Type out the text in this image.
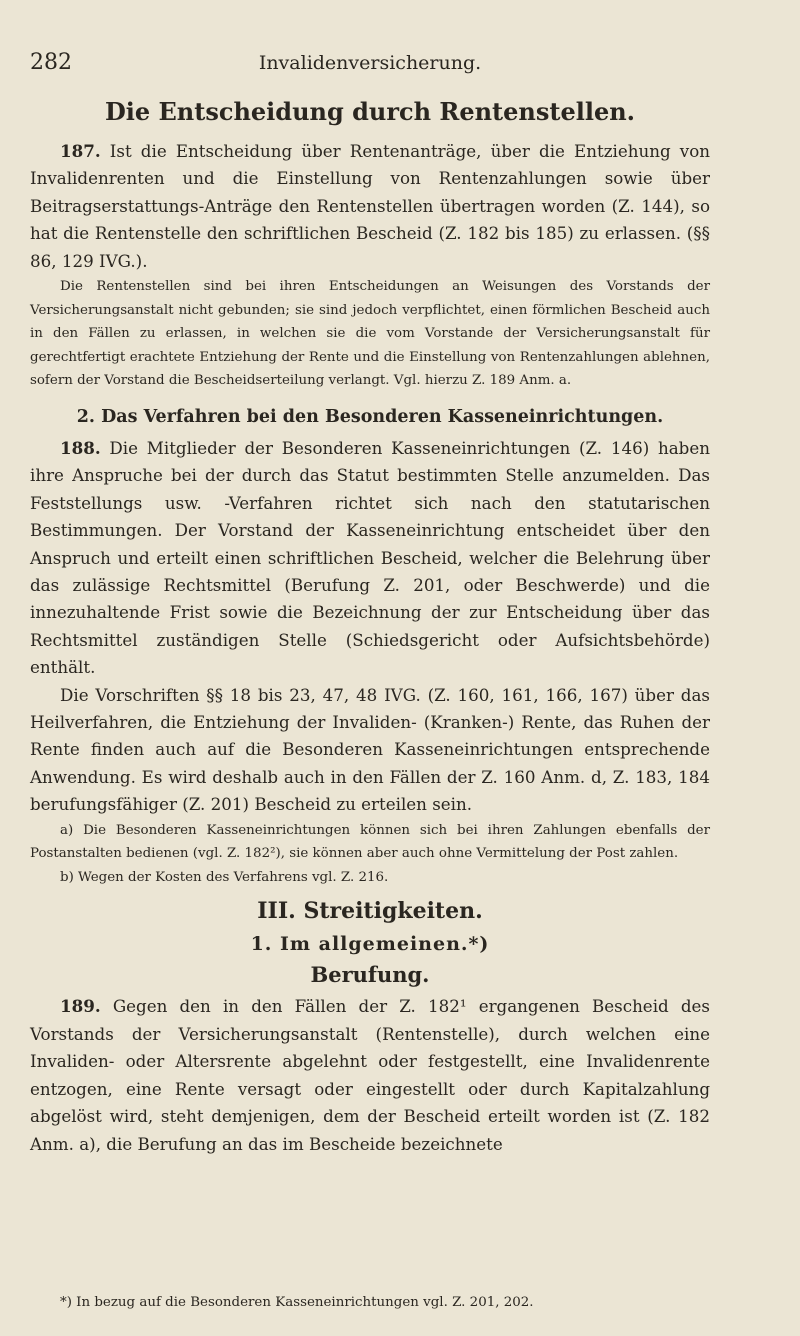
282	Invalidenversicherung.
Die Entscheidung durch Rentenstellen.

187. Ist die Entscheidung über Rentenanträge, über die Entziehung von Invalidenrenten und die Einstellung von Rentenzahlungen sowie über Beitragserstattungs-Anträge den Rentenstellen übertragen worden (Z. 144), so hat die Rentenstelle den schriftlichen Bescheid (Z. 182 bis 185) zu erlassen. (§§ 86, 129 IVG.).

Die Rentenstellen sind bei ihren Entscheidungen an Weisungen des Vorstands der Versicherungsanstalt nicht gebunden; sie sind jedoch verpflichtet, einen förmlichen Bescheid auch in den Fällen zu erlassen, in welchen sie die vom Vorstande der Versicherungsanstalt für gerechtfertigt erachtete Entziehung der Rente und die Einstellung von Rentenzahlungen ablehnen, sofern der Vorstand die Bescheidserteilung verlangt. Vgl. hierzu Z. 189 Anm. a.

2. Das Verfahren bei den Besonderen Kasseneinrichtungen.

188. Die Mitglieder der Besonderen Kasseneinrichtungen (Z. 146) haben ihre Anspruche bei der durch das Statut bestimmten Stelle anzumelden. Das Feststellungs usw. -Verfahren richtet sich nach den statutarischen Bestimmungen. Der Vorstand der Kasseneinrichtung entscheidet über den Anspruch und erteilt einen schriftlichen Bescheid, welcher die Belehrung über das zulässige Rechtsmittel (Berufung Z. 201, oder Beschwerde) und die innezuhaltende Frist sowie die Bezeichnung der zur Entscheidung über das Rechtsmittel zuständigen Stelle (Schiedsgericht oder Aufsichtsbehörde) enthält.

Die Vorschriften §§ 18 bis 23, 47, 48 IVG. (Z. 160, 161, 166, 167) über das Heilverfahren, die Entziehung der Invaliden- (Kranken-) Rente, das Ruhen der Rente finden auch auf die Besonderen Kasseneinrichtungen entsprechende Anwendung. Es wird deshalb auch in den Fällen der Z. 160 Anm. d, Z. 183, 184 berufungsfähiger (Z. 201) Bescheid zu erteilen sein.

a) Die Besonderen Kasseneinrichtungen können sich bei ihren Zahlungen ebenfalls der Postanstalten bedienen (vgl. Z. 182²), sie können aber auch ohne Vermittelung der Post zahlen.

b) Wegen der Kosten des Verfahrens vgl. Z. 216.

III. Streitigkeiten.
1. Im allgemeinen.*)
Berufung.

189. Gegen den in den Fällen der Z. 182¹ ergangenen Bescheid des Vorstands der Versicherungsanstalt (Rentenstelle), durch welchen eine Invaliden- oder Altersrente abgelehnt oder festgestellt, eine Invalidenrente entzogen, eine Rente versagt oder eingestellt oder durch Kapitalzahlung abgelöst wird, steht demjenigen, dem der Bescheid erteilt worden ist (Z. 182 Anm. a), die Berufung an das im Bescheide bezeichnete

*) In bezug auf die Besonderen Kasseneinrichtungen vgl. Z. 201, 202.
